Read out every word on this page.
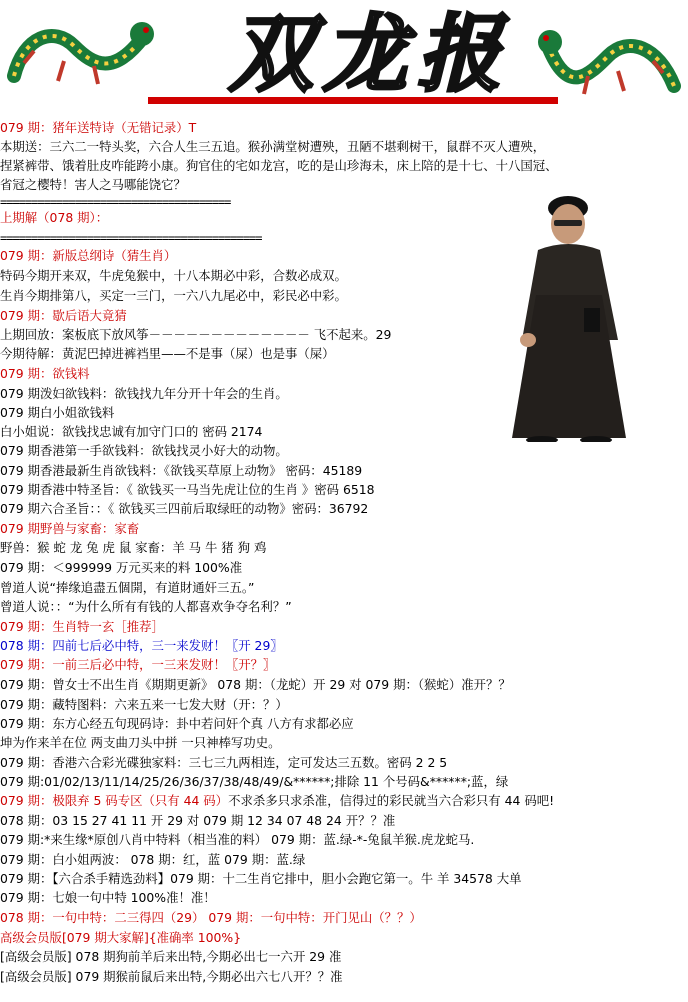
双龙报
079 期：猪年送特诗（无错记录）T
本期送：三六二一特头奖，六合人生三五追。猴孙满堂树遭殃，丑陋不堪剩树干，鼠群不灭人遭殃，
捏紧裤带、饿着肚皮咋能跨小康。狗官住的宅如龙宫，吃的是山珍海未，床上陪的是十七、十八国冠、
省冠之樱特！害人之马哪能饶它？
=====================================
上期解（078 期）：
==========================================
079 期：新版总纲诗（猜生肖）
特码今期开来双，牛虎兔猴中，十八本期必中彩，合数必成双。
生肖今期排第八，买定一三门，一六八九尾必中，彩民必中彩。
079 期：歇后语大竟猜
上期回放：案板底下放风筝－－－－－－－－－－－－－ 飞不起来。29
今期待解：黄泥巴掉进裤裆里——不是事（屎）也是事（屎）
079 期：欲钱料
079 期泼妇欲钱料：欲钱找九年分开十年会的生肖。
079 期白小姐欲钱料
白小姐说：欲钱找忠诚有加守门口的 密码 2174
079 期香港第一手欲钱料：欲钱找灵小好大的动物。
079 期香港最新生肖欲钱料：《欲钱买草原上动物》 密码：45189
079 期香港中特圣旨：《 欲钱买一马当先虎让位的生肖 》密码 6518
079 期六合圣旨：：《 欲钱买三四前后取绿旺的动物》密码：36792
079 期野兽与家畜：家畜
野兽：猴 蛇 龙 兔 虎 鼠 家畜：羊 马 牛 猪 狗 鸡
079 期：＜999999 万元买来的料 100%准
曾道人说“捧缘追盡五個開，有道財通奸三五。”
曾道人说：：“为什么所有有钱的人都喜欢争夺名利？”
079 期：生肖特一玄［推荐］
078 期：四前七后必中特，三一来发财！〖开 29〗
079 期：一前三后必中特，一三来发财！〖开？〗
079 期：曾女士不出生肖《期期更新》 078 期：（龙蛇）开 29 对 079 期：（猴蛇）准开？？
079 期：藏特图料：六来五来一七发大财（开：？）
079 期：东方心经五句现码诗：卦中若问奸个真 八方有求都必应
坤为作来羊在位 两支曲刀头中拼 一只神棒写功史。
079 期：香港六合彩光碟独家料：三七三九两相连，定可发达三五数。密码 2 2 5
079 期:01/02/13/11/14/25/26/36/37/38/48/49/&******;排除 11 个号码&******;蓝，绿
079 期：极限弃 5 码专区（只有 44 码）不求杀多只求杀准，信得过的彩民就当六合彩只有 44 码吧!
078 期：03 15 27 41 11 开 29 对 079 期 12 34 07 48 24 开？？准
079 期:*来生缘*原创八肖中特料（相当准的料） 079 期：蓝.绿-*-兔鼠羊猴.虎龙蛇马.
079 期：白小姐两波： 078 期：红，蓝 079 期：蓝.绿
079 期：【六合杀手精选劲料】079 期：十二生肖它排中，胆小会跑它第一。牛 羊 34578 大单
079 期：七娘一句中特 100%准！准！
078 期：一句中特：二三得四（29） 079 期：一句中特：开门见山（？？）
高级会员版[079 期大家解]{准确率 100%}
[高级会员版] 078 期狗前羊后来出特,今期必出七一六开 29 准
[高级会员版] 079 期猴前鼠后来出特,今期必出六七八开？？准
